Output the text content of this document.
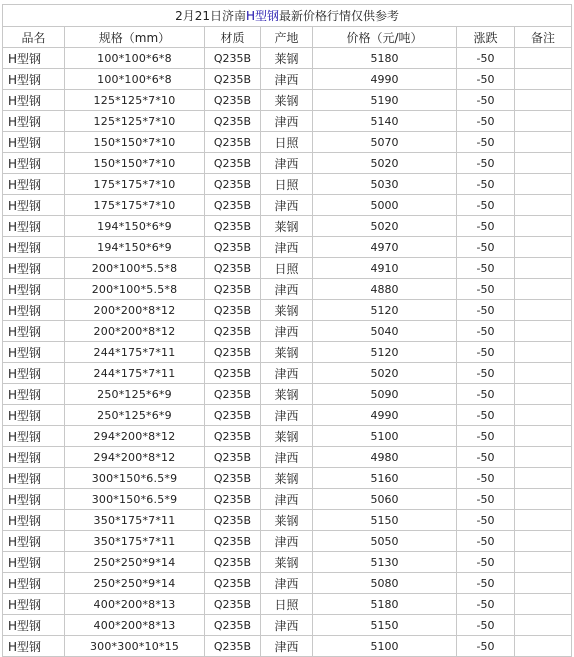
2月21日济南H型钢最新价格行情仅供参考						
品名	规格（mm）	材质	产地	价格（元/吨）	涨跌	备注
H型钢	100*100*6*8	Q235B	莱钢	5180	-50	
H型钢	100*100*6*8	Q235B	津西	4990	-50	
H型钢	125*125*7*10	Q235B	莱钢	5190	-50	
H型钢	125*125*7*10	Q235B	津西	5140	-50	
H型钢	150*150*7*10	Q235B	日照	5070	-50	
H型钢	150*150*7*10	Q235B	津西	5020	-50	
H型钢	175*175*7*10	Q235B	日照	5030	-50	
H型钢	175*175*7*10	Q235B	津西	5000	-50	
H型钢	194*150*6*9	Q235B	莱钢	5020	-50	
H型钢	194*150*6*9	Q235B	津西	4970	-50	
H型钢	200*100*5.5*8	Q235B	日照	4910	-50	
H型钢	200*100*5.5*8	Q235B	津西	4880	-50	
H型钢	200*200*8*12	Q235B	莱钢	5120	-50	
H型钢	200*200*8*12	Q235B	津西	5040	-50	
H型钢	244*175*7*11	Q235B	莱钢	5120	-50	
H型钢	244*175*7*11	Q235B	津西	5020	-50	
H型钢	250*125*6*9	Q235B	莱钢	5090	-50	
H型钢	250*125*6*9	Q235B	津西	4990	-50	
H型钢	294*200*8*12	Q235B	莱钢	5100	-50	
H型钢	294*200*8*12	Q235B	津西	4980	-50	
H型钢	300*150*6.5*9	Q235B	莱钢	5160	-50	
H型钢	300*150*6.5*9	Q235B	津西	5060	-50	
H型钢	350*175*7*11	Q235B	莱钢	5150	-50	
H型钢	350*175*7*11	Q235B	津西	5050	-50	
H型钢	250*250*9*14	Q235B	莱钢	5130	-50	
H型钢	250*250*9*14	Q235B	津西	5080	-50	
H型钢	400*200*8*13	Q235B	日照	5180	-50	
H型钢	400*200*8*13	Q235B	津西	5150	-50	
H型钢	300*300*10*15	Q235B	津西	5100	-50	
